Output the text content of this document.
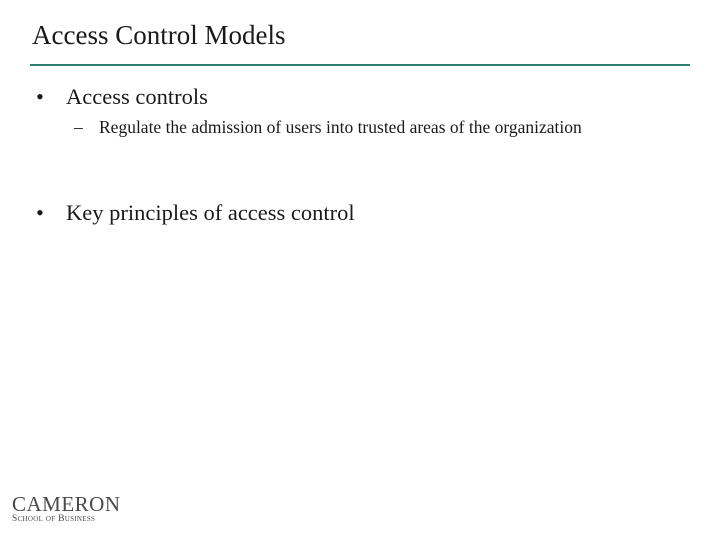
Access Control Models
• Access controls
– Regulate the admission of users into trusted areas of the organization
• Key principles of access control
CAMERON
School of Business
